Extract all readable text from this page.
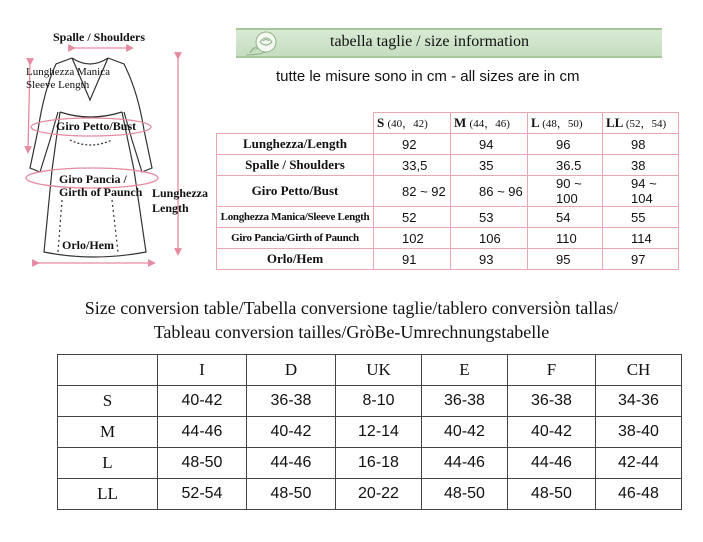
Spalle / Shoulders
Lunghezza Manica
Sleeve Length
Giro Petto/Bust
Giro Pancia /
Girth of Paunch Lunghezza
Length
Orlo/Hem
tabella taglie / size information
tutte le misure sono in cm - all sizes are in cm
	S (40，42)	M (44，46)	L (48，50)	LL (52，54)
Lunghezza/Length	92	94	96	98
Spalle / Shoulders	33,5	35	36.5	38
Giro Petto/Bust	82 ~ 92	86 ~ 96	90 ~ 100	94 ~ 104
Longhezza Manica/Sleeve Length	52	53	54	55
Giro Pancia/Girth of Paunch	102	106	110	114
Orlo/Hem	91	93	95	97
Size conversion table/Tabella conversione taglie/tablero conversiòn tallas/
Tableau conversion tailles/GròBe-Umrechnungstabelle
	I	D	UK	E	F	CH
S	40-42	36-38	8-10	36-38	36-38	34-36
M	44-46	40-42	12-14	40-42	40-42	38-40
L	48-50	44-46	16-18	44-46	44-46	42-44
LL	52-54	48-50	20-22	48-50	48-50	46-48
